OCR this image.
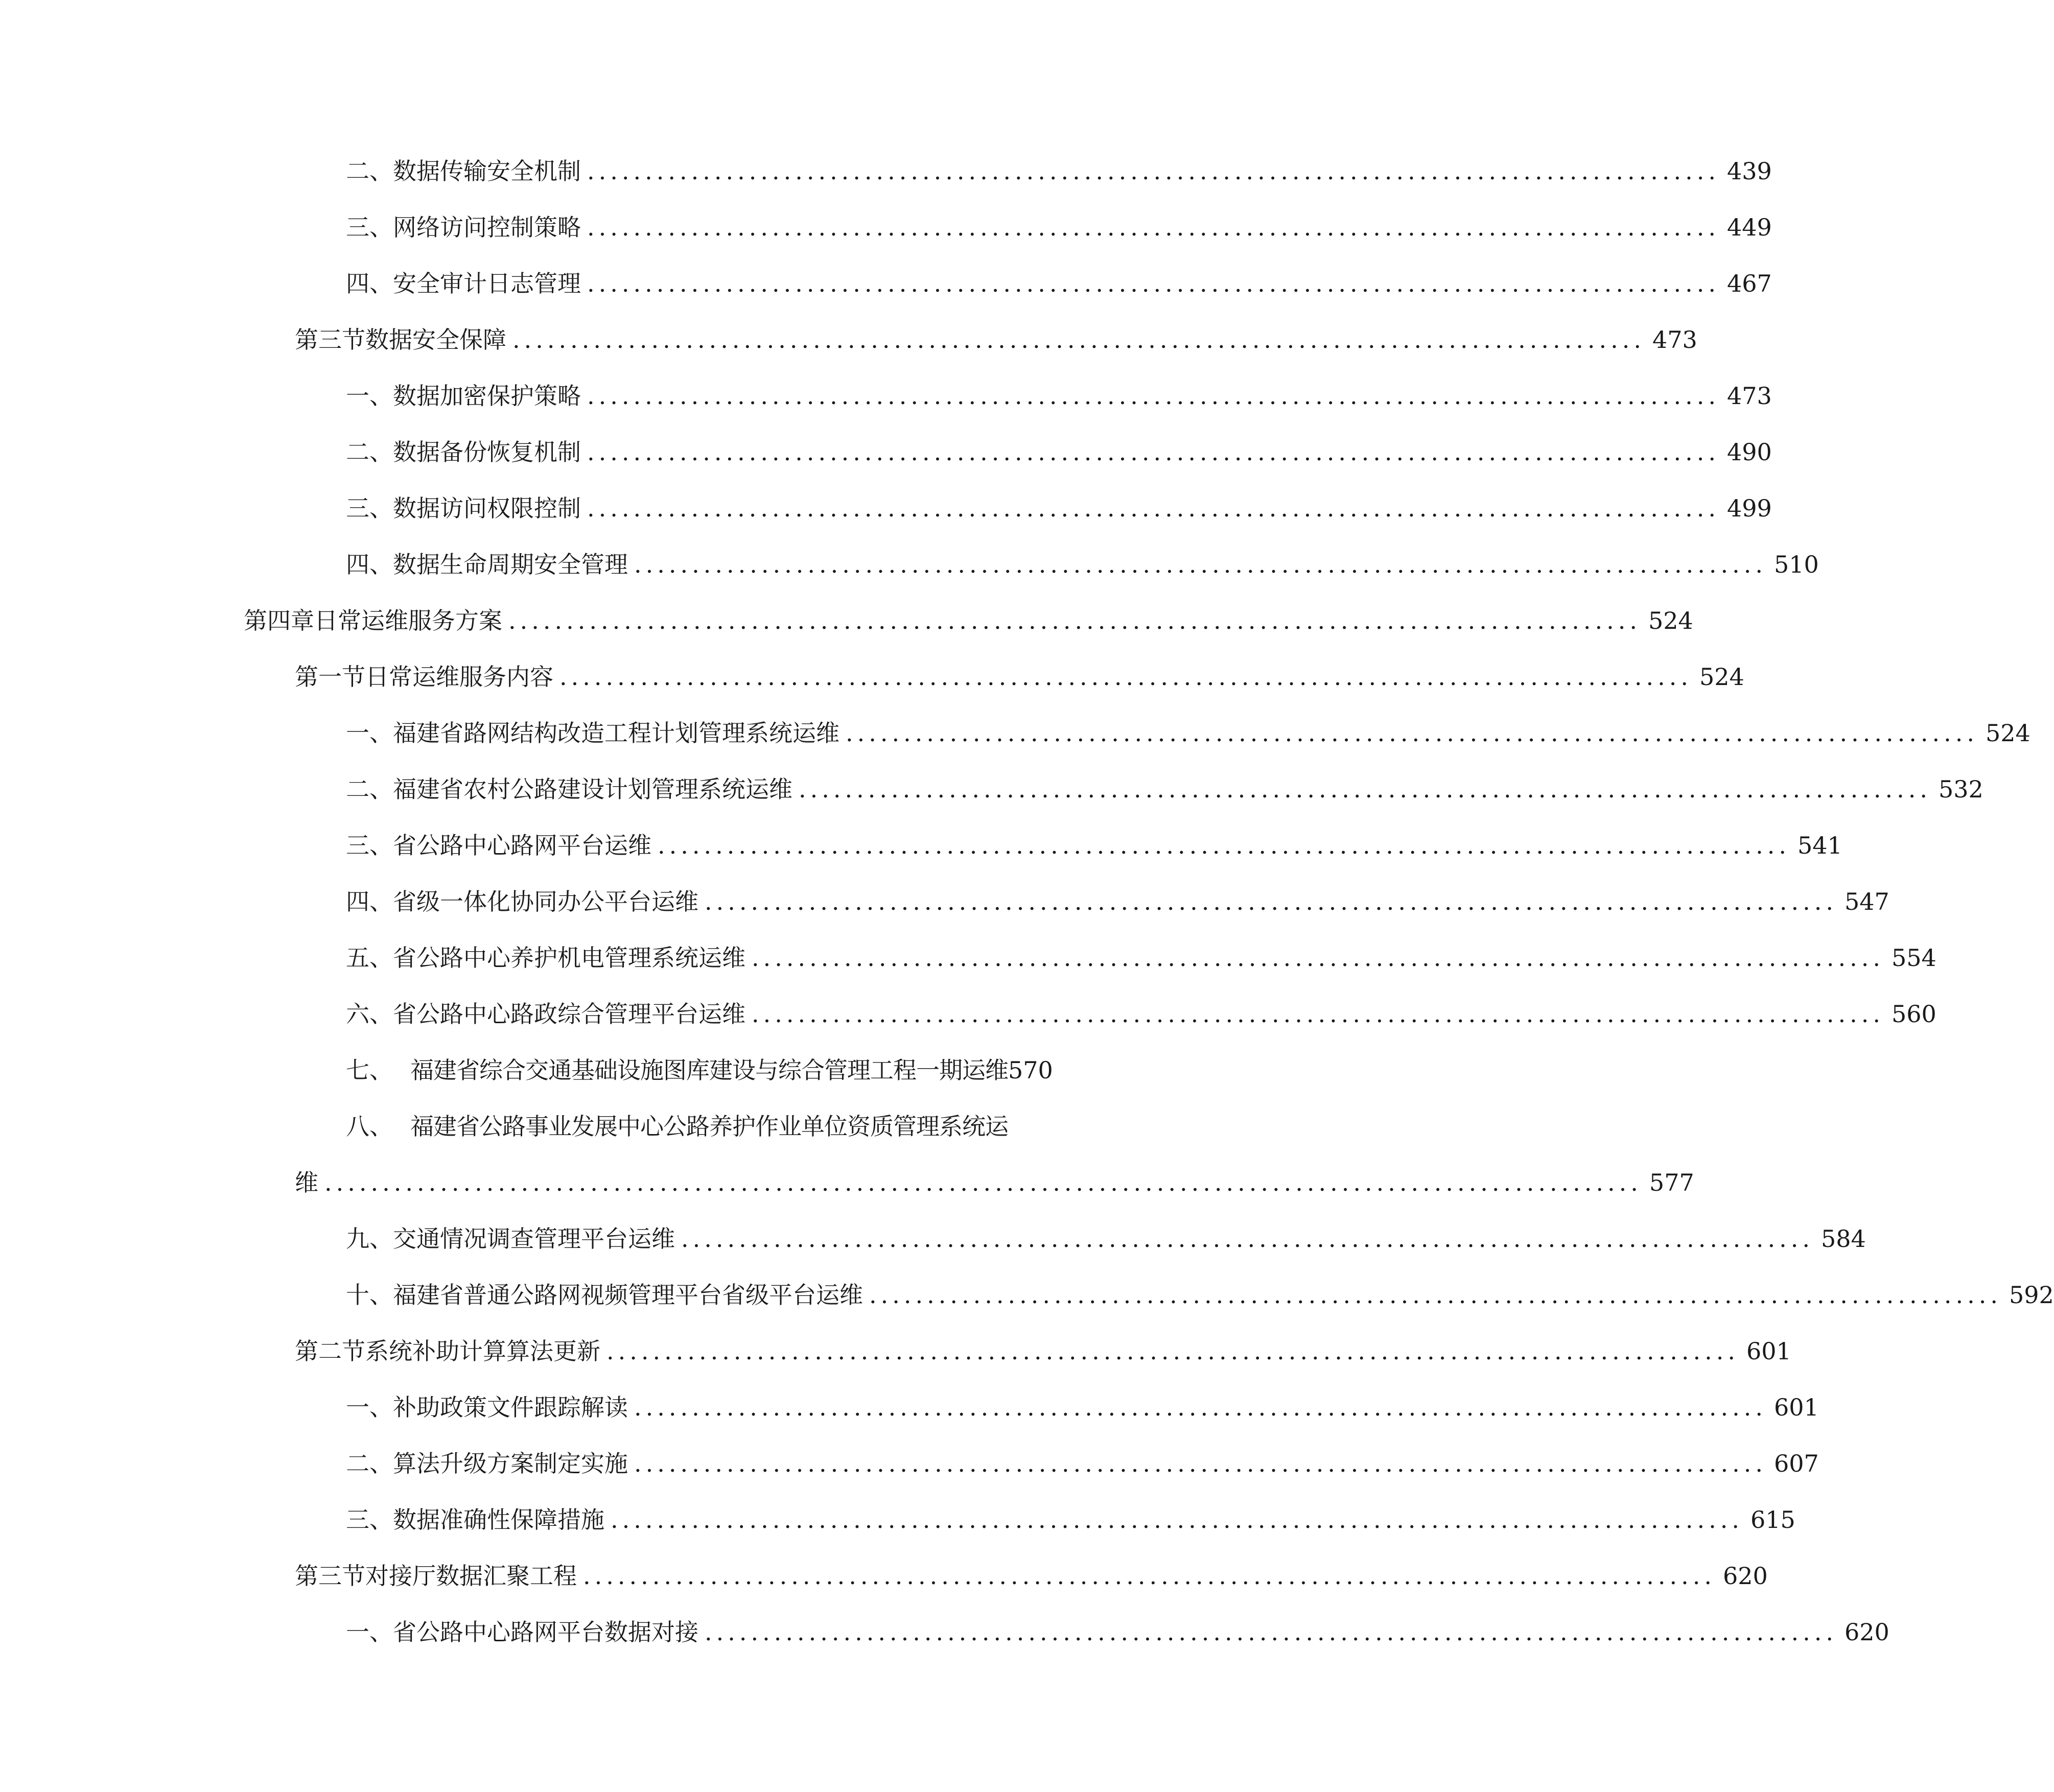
二、 数据传输安全机制 .................................................................................................. 439
三、 网络访问控制策略 .................................................................................................. 449
四、 安全审计日志管理 .................................................................................................. 467
第三节 数据安全保障 .................................................................................................. 473
一、 数据加密保护策略 .................................................................................................. 473
二、 数据备份恢复机制 .................................................................................................. 490
三、 数据访问权限控制 .................................................................................................. 499
四、 数据生命周期安全管理 .................................................................................................. 510
第四章 日常运维服务方案 .................................................................................................. 524
第一节 日常运维服务内容 .................................................................................................. 524
一、 福建省路网结构改造工程计划管理系统运维 .................................................................................................. 524
二、 福建省农村公路建设计划管理系统运维 .................................................................................................. 532
三、 省公路中心路网平台运维 .................................................................................................. 541
四、 省级一体化协同办公平台运维 .................................................................................................. 547
五、 省公路中心养护机电管理系统运维 .................................................................................................. 554
六、 省公路中心路政综合管理平台运维 .................................................................................................. 560
七、 福建省综合交通基础设施图库建设与综合管理工程一期运维 570
八、 福建省公路事业发展中心公路养护作业单位资质管理系统运
维 .................................................................................................................. 577
九、 交通情况调查管理平台运维 .................................................................................................. 584
十、 福建省普通公路网视频管理平台省级平台运维 .................................................................................................. 592
第二节 系统补助计算算法更新 .................................................................................................. 601
一、 补助政策文件跟踪解读 .................................................................................................. 601
二、 算法升级方案制定实施 .................................................................................................. 607
三、 数据准确性保障措施 .................................................................................................. 615
第三节 对接厅数据汇聚工程 .................................................................................................. 620
一、 省公路中心路网平台数据对接 .................................................................................................. 620
